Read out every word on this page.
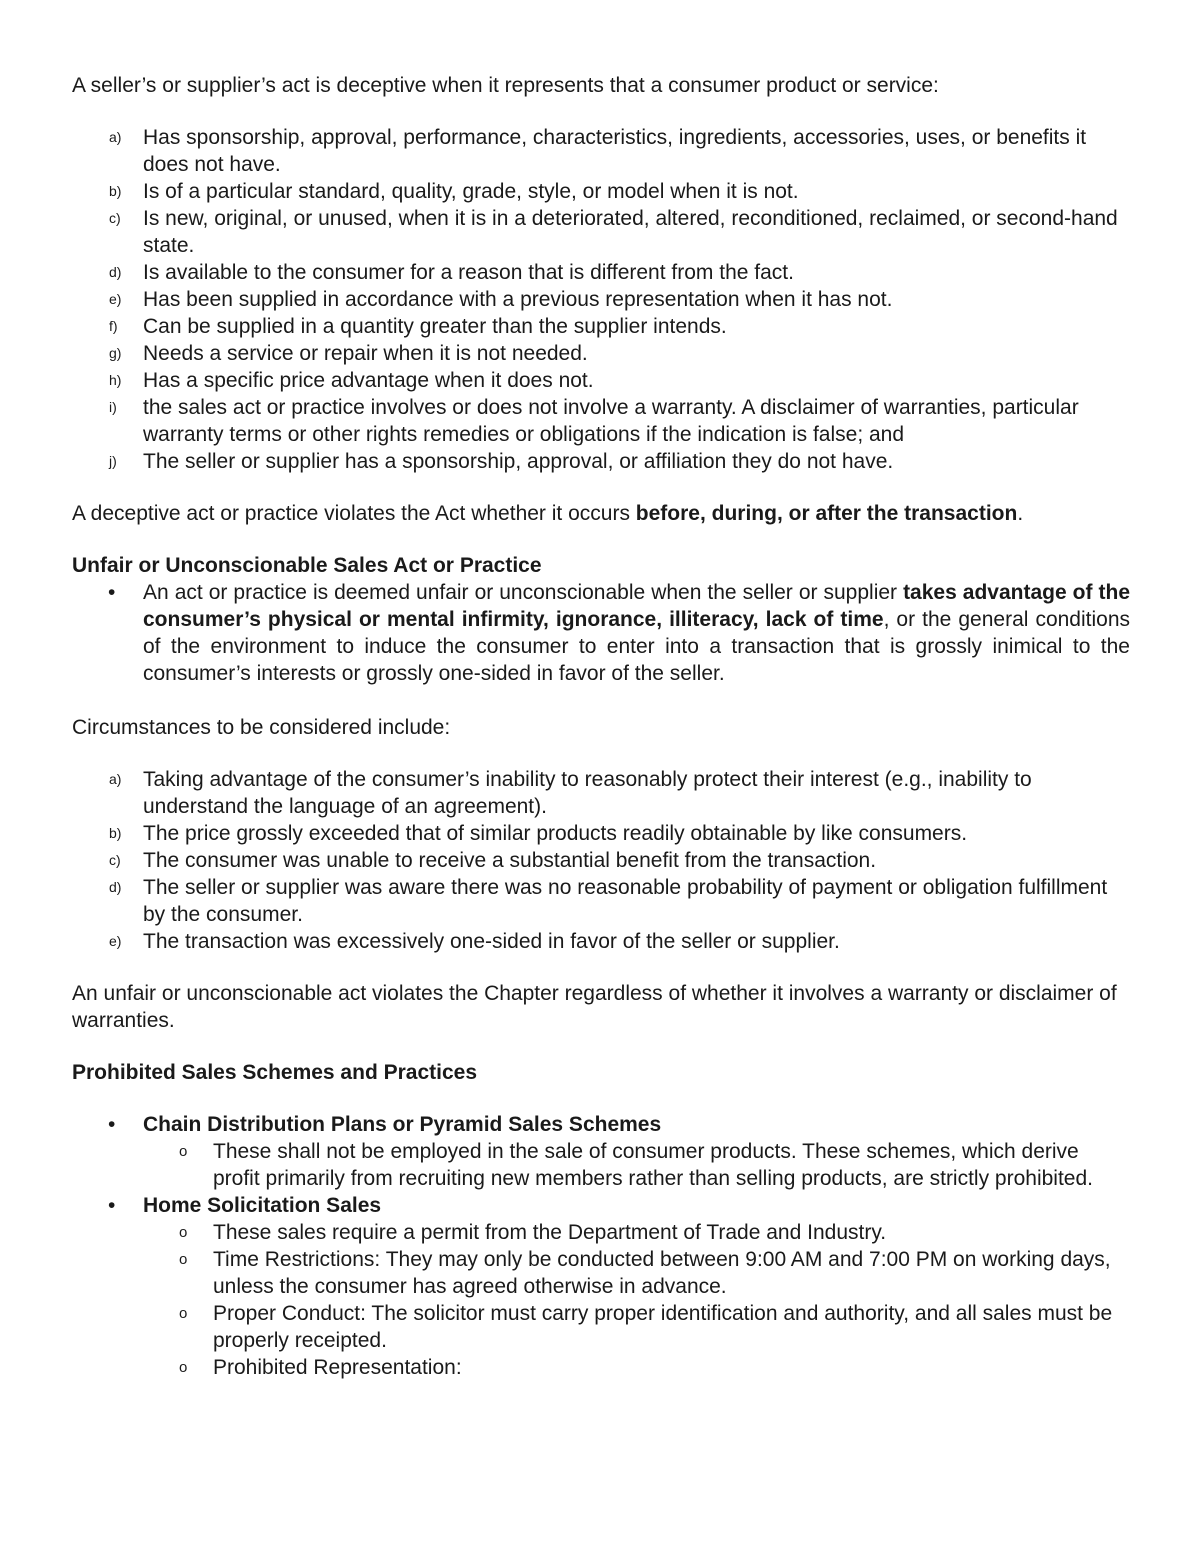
A seller’s or supplier’s act is deceptive when it represents that a consumer product or service:

a)	Has sponsorship, approval, performance, characteristics, ingredients, accessories, uses, or benefits it does not have.
b)	Is of a particular standard, quality, grade, style, or model when it is not.
c)	Is new, original, or unused, when it is in a deteriorated, altered, reconditioned, reclaimed, or second-hand state.
d)	Is available to the consumer for a reason that is different from the fact.
e)	Has been supplied in accordance with a previous representation when it has not.
f)	Can be supplied in a quantity greater than the supplier intends.
g)	Needs a service or repair when it is not needed.
h)	Has a specific price advantage when it does not.
i)	the sales act or practice involves or does not involve a warranty. A disclaimer of warranties, particular warranty terms or other rights remedies or obligations if the indication is false; and
j)	The seller or supplier has a sponsorship, approval, or affiliation they do not have.

A deceptive act or practice violates the Act whether it occurs before, during, or after the transaction.

Unfair or Unconscionable Sales Act or Practice

•	An act or practice is deemed unfair or unconscionable when the seller or supplier takes advantage of the consumer’s physical or mental infirmity, ignorance, illiteracy, lack of time, or the general conditions of the environment to induce the consumer to enter into a transaction that is grossly inimical to the consumer’s interests or grossly one-sided in favor of the seller.

Circumstances to be considered include:

a)	Taking advantage of the consumer’s inability to reasonably protect their interest (e.g., inability to understand the language of an agreement).
b)	The price grossly exceeded that of similar products readily obtainable by like consumers.
c)	The consumer was unable to receive a substantial benefit from the transaction.
d)	The seller or supplier was aware there was no reasonable probability of payment or obligation fulfillment by the consumer.
e)	The transaction was excessively one-sided in favor of the seller or supplier.

An unfair or unconscionable act violates the Chapter regardless of whether it involves a warranty or disclaimer of warranties.

Prohibited Sales Schemes and Practices

•	Chain Distribution Plans or Pyramid Sales Schemes
o	These shall not be employed in the sale of consumer products. These schemes, which derive profit primarily from recruiting new members rather than selling products, are strictly prohibited.
•	Home Solicitation Sales
o	These sales require a permit from the Department of Trade and Industry.
o	Time Restrictions: They may only be conducted between 9:00 AM and 7:00 PM on working days, unless the consumer has agreed otherwise in advance.
o	Proper Conduct: The solicitor must carry proper identification and authority, and all sales must be properly receipted.
o	Prohibited Representation:
